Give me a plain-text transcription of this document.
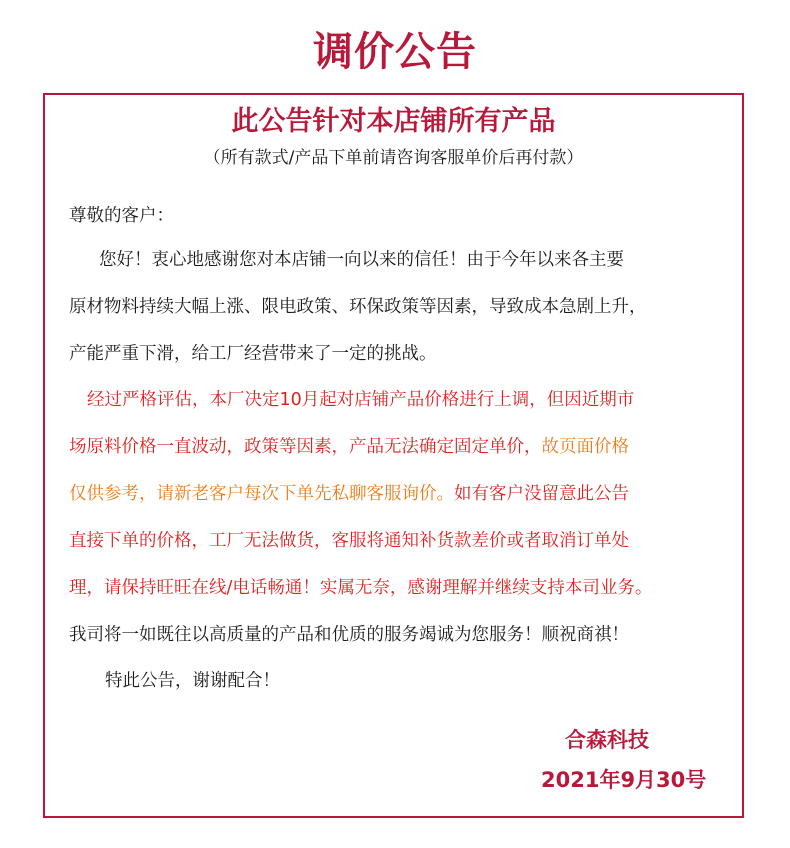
调价公告
此公告针对本店铺所有产品
（所有款式/产品下单前请咨询客服单价后再付款）
尊敬的客户：
您好！衷心地感谢您对本店铺一向以来的信任！由于今年以来各主要
原材物料持续大幅上涨、限电政策、环保政策等因素，导致成本急剧上升，
产能严重下滑，给工厂经营带来了一定的挑战。
经过严格评估，本厂决定10月起对店铺产品价格进行上调，但因近期市
场原料价格一直波动，政策等因素，产品无法确定固定单价，故页面价格
仅供参考，请新老客户每次下单先私聊客服询价。如有客户没留意此公告
直接下单的价格，工厂无法做货，客服将通知补货款差价或者取消订单处
理，请保持旺旺在线/电话畅通！实属无奈，感谢理解并继续支持本司业务。
我司将一如既往以高质量的产品和优质的服务竭诚为您服务！顺祝商祺！
特此公告，谢谢配合！
合森科技
2021年9月30号
